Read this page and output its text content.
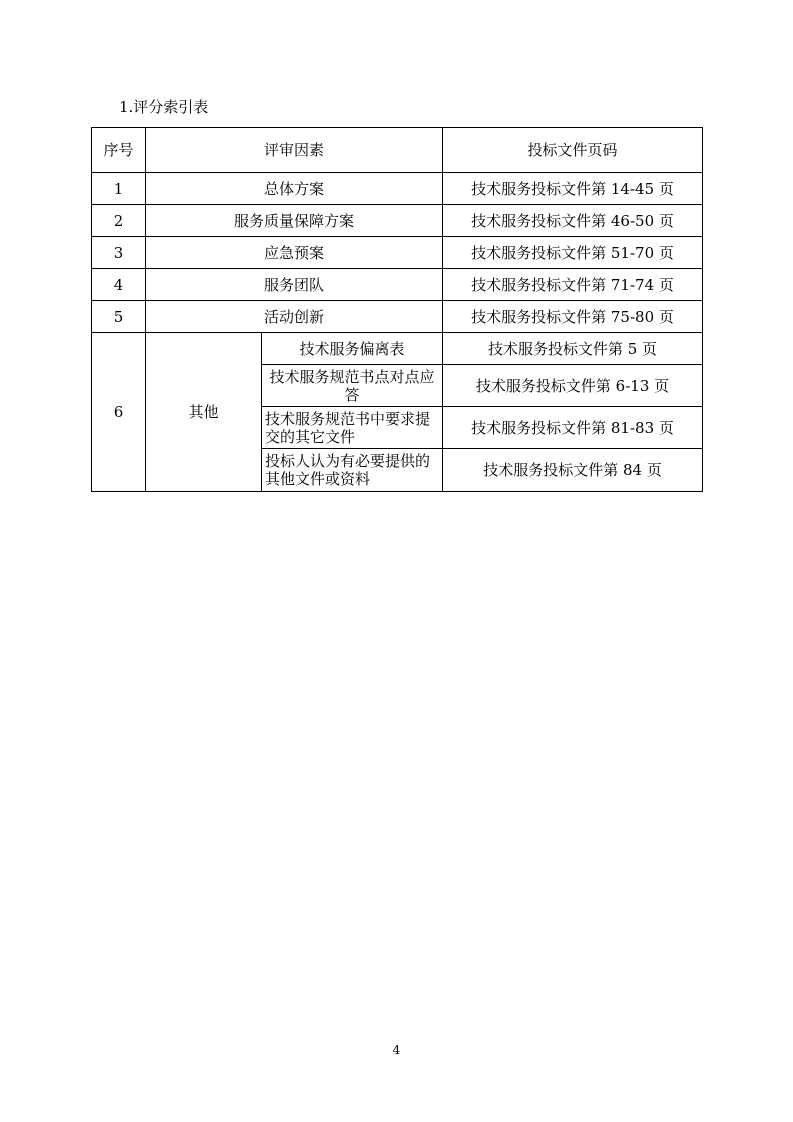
1.评分索引表
序号	评审因素		投标文件页码
1	总体方案		技术服务投标文件第 14-45 页
2	服务质量保障方案		技术服务投标文件第 46-50 页
3	应急预案		技术服务投标文件第 51-70 页
4	服务团队		技术服务投标文件第 71-74 页
5	活动创新		技术服务投标文件第 75-80 页
6	其他	技术服务偏离表	技术服务投标文件第 5 页

		技术服务规范书点对点应答	技术服务投标文件第 6-13 页

		技术服务规范书中要求提交的其它文件	技术服务投标文件第 81-83 页

		投标人认为有必要提供的其他文件或资料	技术服务投标文件第 84 页
4
